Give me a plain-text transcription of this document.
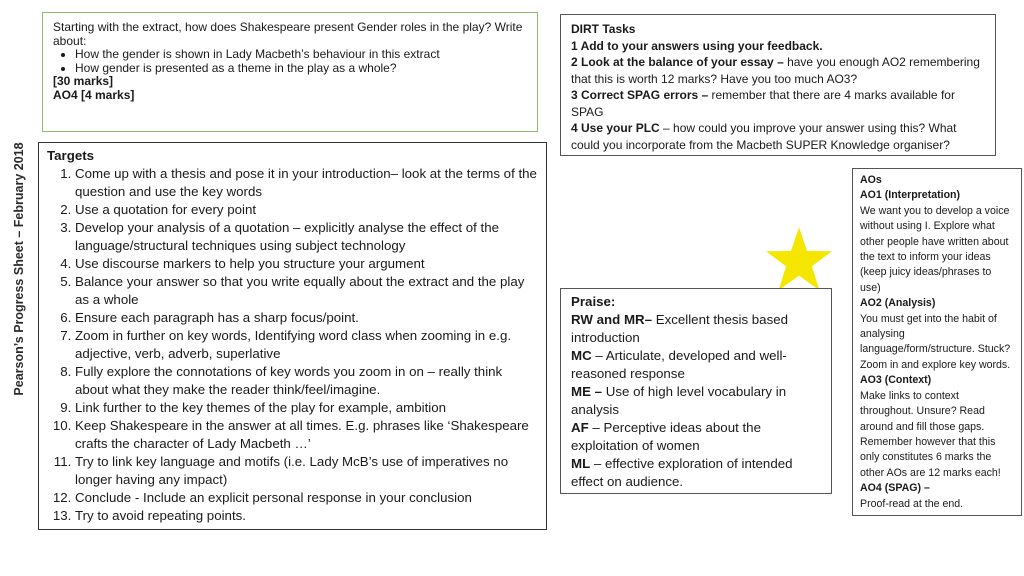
Pearson’s Progress Sheet – February 2018
Starting with the extract, how does Shakespeare present Gender roles in the play? Write about:
• How the gender is shown in Lady Macbeth’s behaviour in this extract
• How gender is presented as a theme in the play as a whole?
[30 marks]
AO4 [4 marks]
DIRT Tasks
1 Add to your answers using your feedback.
2 Look at the balance of your essay – have you enough AO2 remembering that this is worth 12 marks? Have you too much AO3?
3 Correct SPAG errors – remember that there are 4 marks available for SPAG
4 Use your PLC – how could you improve your answer using this? What could you incorporate from the Macbeth SUPER Knowledge organiser?
Targets
1. Come up with a thesis and pose it in your introduction– look at the terms of the question and use the key words
2. Use a quotation for every point
3. Develop your analysis of a quotation – explicitly analyse the effect of the language/structural techniques using subject technology
4. Use discourse markers to help you structure your argument
5. Balance your answer so that you write equally about the extract and the play as a whole
6. Ensure each paragraph has a sharp focus/point.
7. Zoom in further on key words, Identifying word class when zooming in e.g. adjective, verb, adverb, superlative
8. Fully explore the connotations of key words you zoom in on – really think about what they make the reader think/feel/imagine.
9. Link further to the key themes of the play for example, ambition
10. Keep Shakespeare in the answer at all times. E.g. phrases like ‘Shakespeare crafts the character of Lady Macbeth …’
11. Try to link key language and motifs (i.e. Lady McB’s use of imperatives no longer having any impact)
12. Conclude - Include an explicit personal response in your conclusion
13. Try to avoid repeating points.

Praise:

RW and MR– Excellent thesis based introduction

MC – Articulate, developed and well-reasoned response

ME – Use of high level vocabulary in analysis

AF – Perceptive ideas about the exploitation of women

ML – effective exploration of intended effect on audience.

AOs

AO1 (Interpretation)

We want you to develop a voice without using I. Explore what other people have written about the text to inform your ideas (keep juicy ideas/phrases to use)

AO2 (Analysis)

You must get into the habit of analysing language/form/structure. Stuck? Zoom in and explore key words.

AO3 (Context)

Make links to context throughout. Unsure? Read around and fill those gaps. Remember however that this only constitutes 6 marks the other AOs are 12 marks each!

AO4 (SPAG) –

Proof-read at the end.
